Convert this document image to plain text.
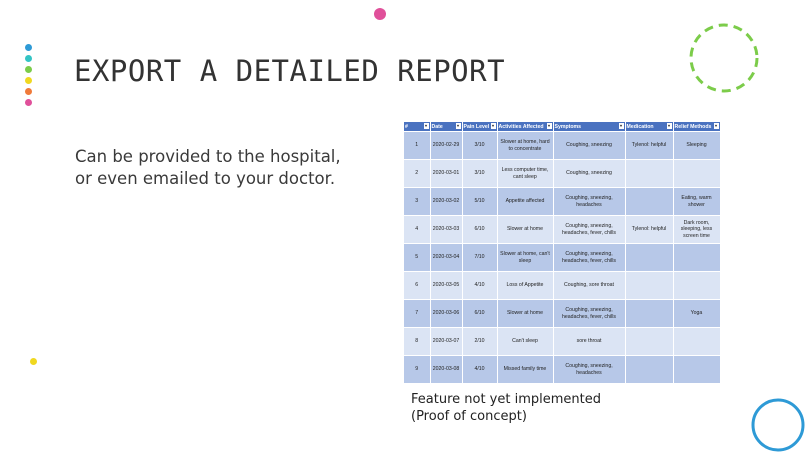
EXPORT A DETAILED REPORT
Can be provided to the hospital,
or even emailed to your doctor.
# ▾	Date ▾	Pain Level ▾	Activities Affected ▾	Symptoms ▾	Medication ▾	Relief Methods ▾

1	2020-02-29	3/10	Slower at home, hard to concentrate	Coughing, sneezing	Tylenol: helpful	Sleeping
2	2020-03-01	3/10	Less computer time, cant sleep	Coughing, sneezing		
3	2020-03-02	5/10	Appetite affected	Coughing, sneezing, headaches		Eating, warm shower
4	2020-03-03	6/10	Slower at home	Coughing, sneezing, headaches, fever, chills	Tylenol: helpful	Dark room, sleeping, less screen time
5	2020-03-04	7/10	Slower at home, can't sleep	Coughing, sneezing, headaches, fever, chills		
6	2020-03-05	4/10	Loss of Appetite	Coughing, sore throat		
7	2020-03-06	6/10	Slower at home	Coughing, sneezing, headaches, fever, chills		Yoga
8	2020-03-07	2/10	Can't sleep	sore throat		
9	2020-03-08	4/10	Missed family time	Coughing, sneezing, headaches		
Feature not yet implemented
(Proof of concept)
